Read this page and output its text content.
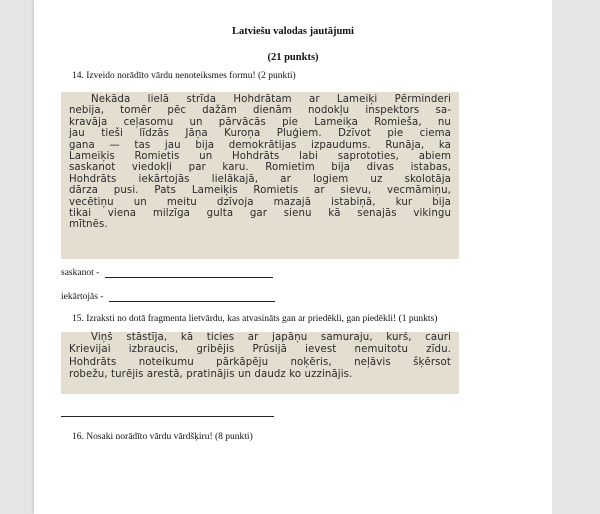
Latviešu valodas jautājumi
(21 punkts)
14. Izveido norādīto vārdu nenoteiksmes formu! (2 punkti)
Nekāda lielā strīda Hohdrātam ar Lameiķi Pērminderi
nebija, tomēr pēc dažām dienām nodokļu inspektors sa-
kravāja ceļasomu un pārvācās pie Lameiķa Romieša, nu
jau tieši līdzās Jāņa Kuroņa Pluģiem. Dzīvot pie ciema
gana — tas jau bija demokrātijas izpaudums. Runāja, ka
Lameiķis Romietis un Hohdrāts labi saprototies, abiem
saskanot viedokļi par karu. Romietim bija divas istabas,
Hohdrāts iekārtojās lielākajā, ar logiem uz skolotāja
dārza pusi. Pats Lameiķis Romietis ar sievu, vecmāmiņu,
vecētiņu un meitu dzīvoja mazajā istabiņā, kur bija
tikai viena milzīga gulta gar sienu kā senajās vikingu
mītnēs.
saskanot -
iekārtojās -
15. Izraksti no dotā fragmenta lietvārdu, kas atvasināts gan ar priedēkli, gan piedēkli! (1 punkts)
Viņš stāstīja, kā ticies ar japāņu samuraju, kurš, cauri
Krievijai izbraucis, gribējis Prūsijā ievest nemuitotu zīdu.
Hohdrāts noteikumu pārkāpēju noķēris, neļāvis šķērsot
robežu, turējis arestā, pratinājis un daudz ko uzzinājis.
16. Nosaki norādīto vārdu vārdšķiru! (8 punkti)
